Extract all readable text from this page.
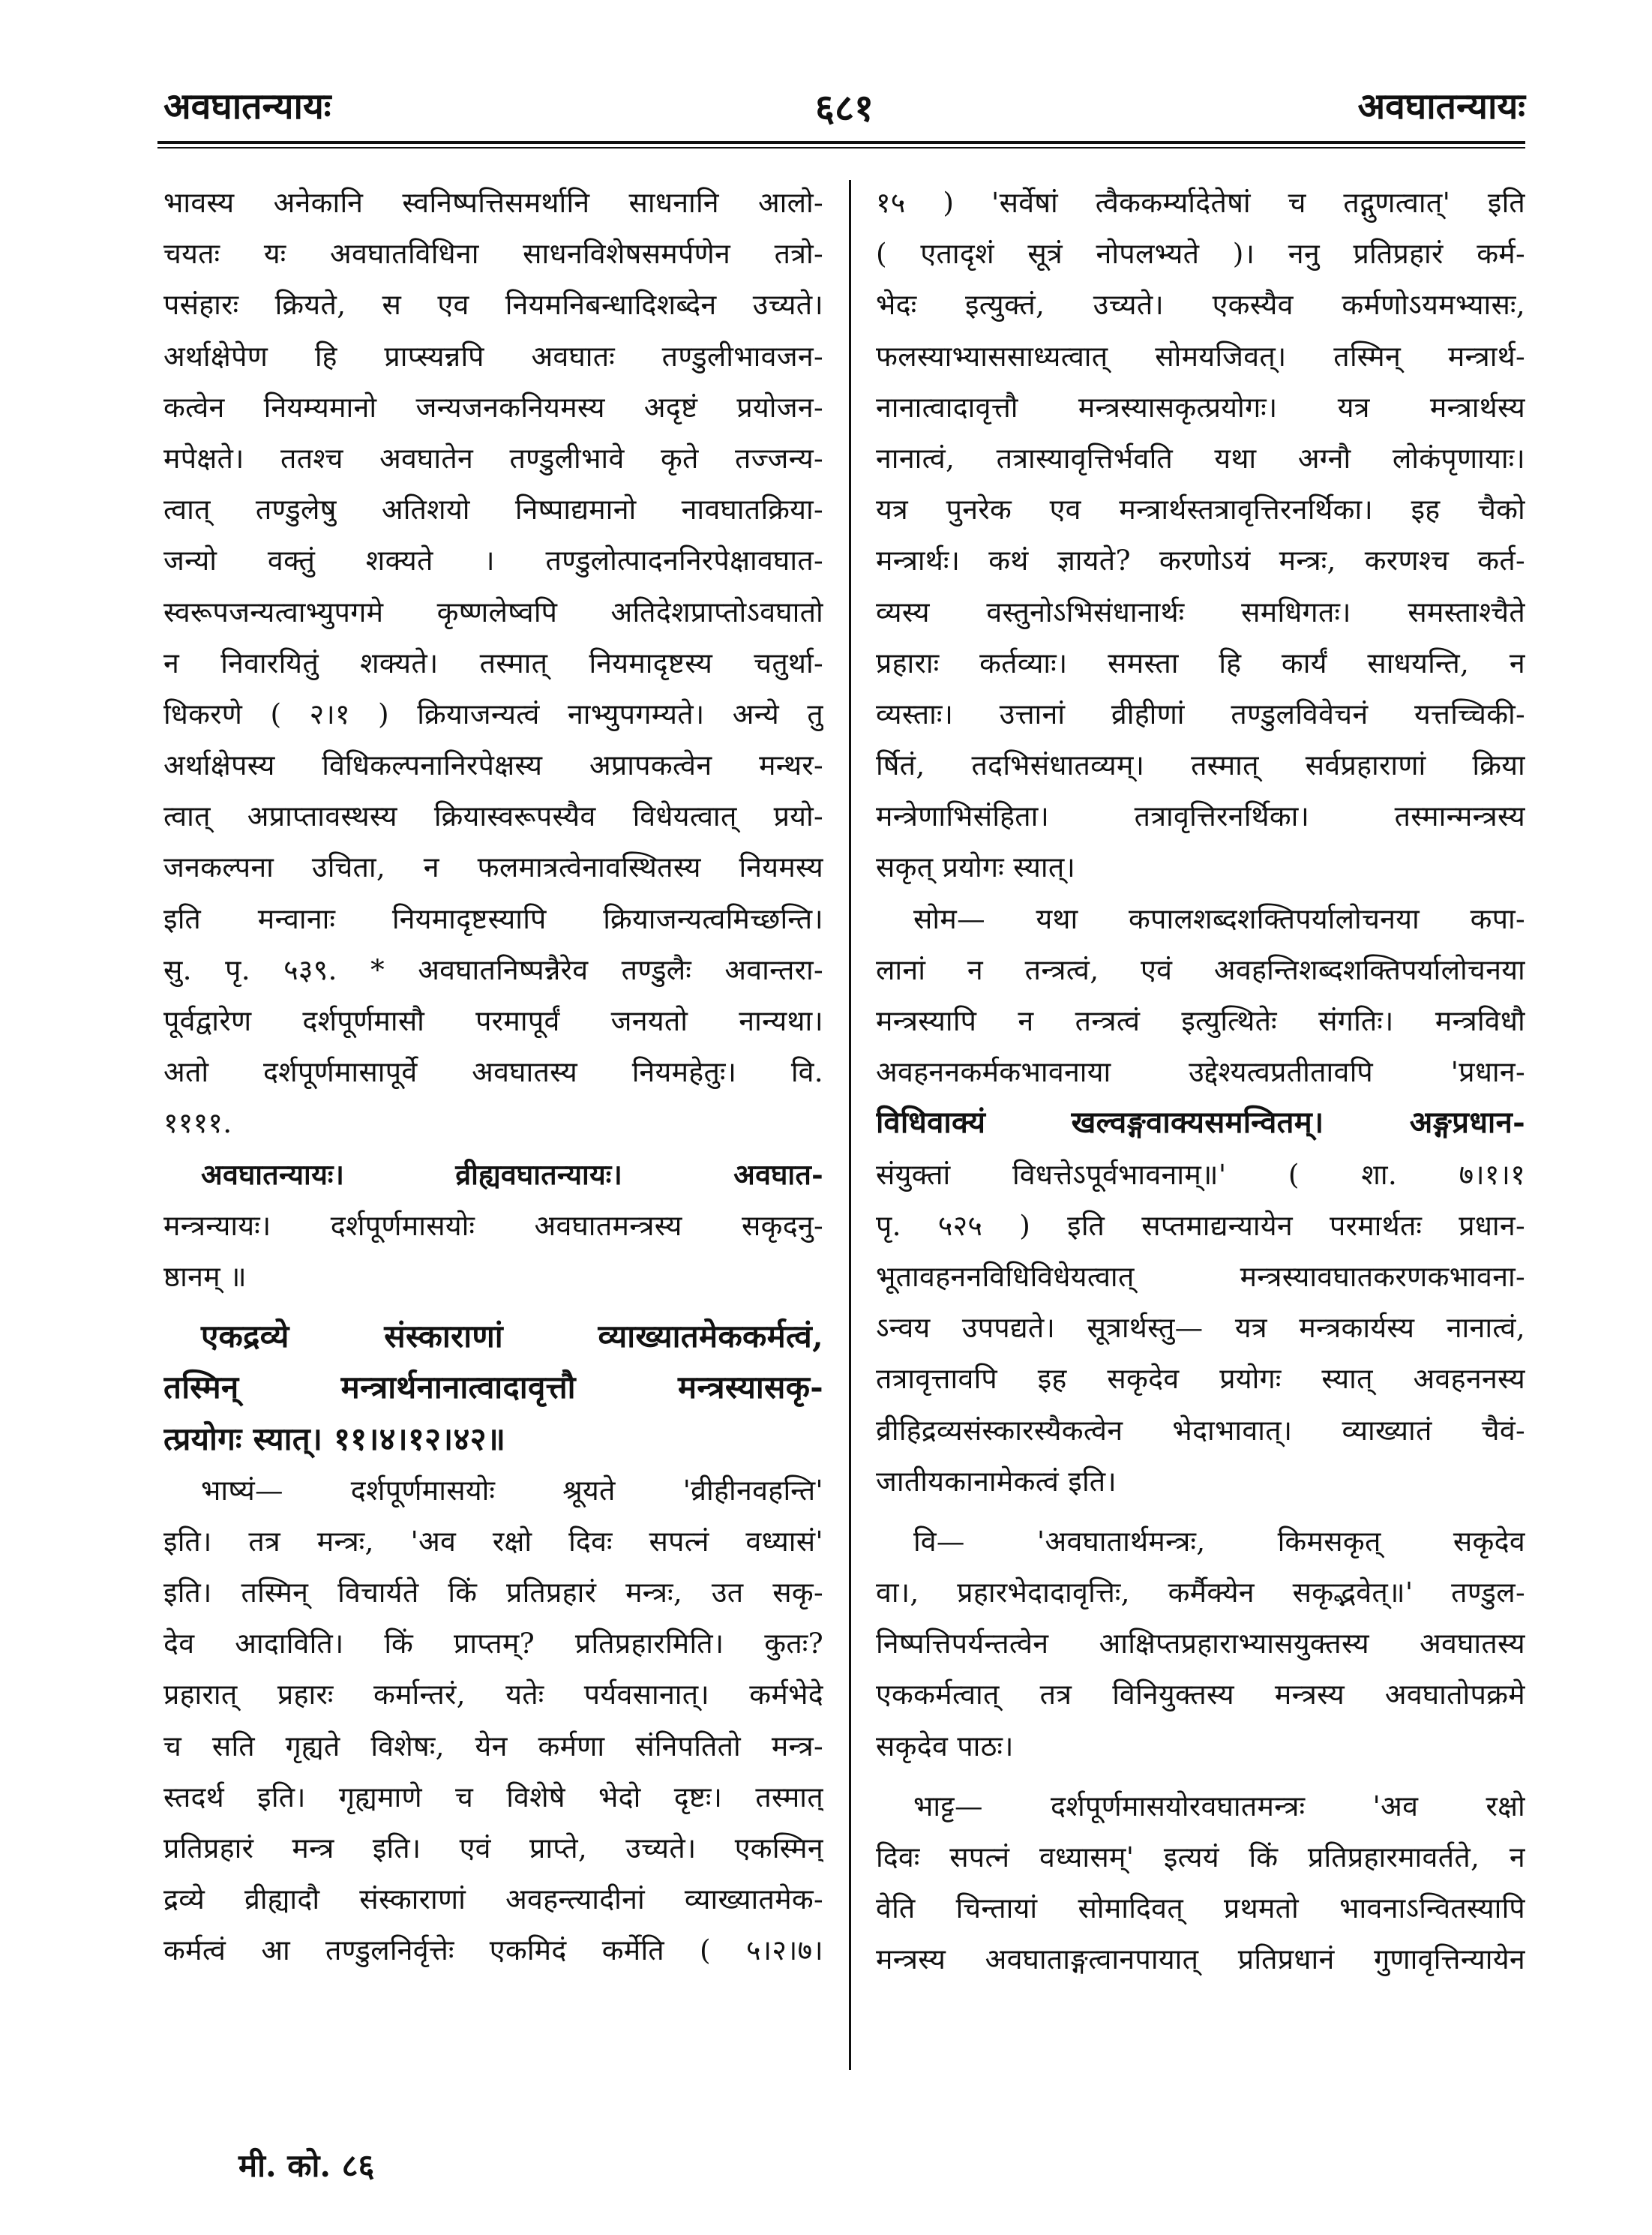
अवघातन्यायः	६८१	अवघातन्यायः
भावस्य अनेकानि स्वनिष्पत्तिसमर्थानि साधनानि आलो-
चयतः यः अवघातविधिना साधनविशेषसमर्पणेन तत्रो-
पसंहारः क्रियते, स एव नियमनिबन्धादिशब्देन उच्यते।
अर्थाक्षेपेण हि प्राप्स्यन्नपि अवघातः तण्डुलीभावजन-
कत्वेन नियम्यमानो जन्यजनकनियमस्य अदृष्टं प्रयोजन-
मपेक्षते। ततश्च अवघातेन तण्डुलीभावे कृते तज्जन्य-
त्वात् तण्डुलेषु अतिशयो निष्पाद्यमानो नावघातक्रिया-
जन्यो वक्तुं शक्यते । तण्डुलोत्पादननिरपेक्षावघात-
स्वरूपजन्यत्वाभ्युपगमे कृष्णलेष्वपि अतिदेशप्राप्तोऽवघातो
न निवारयितुं शक्यते। तस्मात् नियमादृष्टस्य चतुर्था-
धिकरणे ( २।१ ) क्रियाजन्यत्वं नाभ्युपगम्यते। अन्ये तु
अर्थाक्षेपस्य विधिकल्पनानिरपेक्षस्य अप्रापकत्वेन मन्थर-
त्वात् अप्राप्तावस्थस्य क्रियास्वरूपस्यैव विधेयत्वात् प्रयो-
जनकल्पना उचिता, न फलमात्रत्वेनावस्थितस्य नियमस्य
इति मन्वानाः नियमादृष्टस्यापि क्रियाजन्यत्वमिच्छन्ति।
सु. पृ. ५३९. * अवघातनिष्पन्नैरेव तण्डुलैः अवान्तरा-
पूर्वद्वारेण दर्शपूर्णमासौ परमापूर्वं जनयतो नान्यथा।
अतो दर्शपूर्णमासापूर्वे अवघातस्य नियमहेतुः। वि.
११११.
अवघातन्यायः। व्रीह्यवघातन्यायः। अवघात-
मन्त्रन्यायः। दर्शपूर्णमासयोः अवघातमन्त्रस्य सकृदनु-
ष्ठानम् ॥
एकद्रव्ये संस्काराणां व्याख्यातमेककर्मत्वं,
तस्मिन् मन्त्रार्थनानात्वादावृत्तौ मन्त्रस्यासकृ-
त्प्रयोगः स्यात्। ११।४।१२।४२॥
भाष्यं— दर्शपूर्णमासयोः श्रूयते 'व्रीहीनवहन्ति'
इति। तत्र मन्त्रः, 'अव रक्षो दिवः सपत्नं वध्यासं'
इति। तस्मिन् विचार्यते किं प्रतिप्रहारं मन्त्रः, उत सकृ-
देव आदाविति। किं प्राप्तम्? प्रतिप्रहारमिति। कुतः?
प्रहारात् प्रहारः कर्मान्तरं, यतेः पर्यवसानात्। कर्मभेदे
च सति गृह्यते विशेषः, येन कर्मणा संनिपतितो मन्त्र-
स्तदर्थ इति। गृह्यमाणे च विशेषे भेदो दृष्टः। तस्मात्
प्रतिप्रहारं मन्त्र इति। एवं प्राप्ते, उच्यते। एकस्मिन्
द्रव्ये व्रीह्यादौ संस्काराणां अवहन्त्यादीनां व्याख्यातमेक-
कर्मत्वं आ तण्डुलनिर्वृत्तेः एकमिदं कर्मेति ( ५।२।७।
१५ ) 'सर्वेषां त्वैककर्म्यादेतेषां च तद्गुणत्वात्' इति
( एतादृशं सूत्रं नोपलभ्यते )। ननु प्रतिप्रहारं कर्म-
भेदः इत्युक्तं, उच्यते। एकस्यैव कर्मणोऽयमभ्यासः,
फलस्याभ्याससाध्यत्वात् सोमयजिवत्। तस्मिन् मन्त्रार्थ-
नानात्वादावृत्तौ मन्त्रस्यासकृत्प्रयोगः। यत्र मन्त्रार्थस्य
नानात्वं, तत्रास्यावृत्तिर्भवति यथा अग्नौ लोकंपृणायाः।
यत्र पुनरेक एव मन्त्रार्थस्तत्रावृत्तिरनर्थिका। इह चैको
मन्त्रार्थः। कथं ज्ञायते? करणोऽयं मन्त्रः, करणश्च कर्त-
व्यस्य वस्तुनोऽभिसंधानार्थः समधिगतः। समस्ताश्चैते
प्रहाराः कर्तव्याः। समस्ता हि कार्यं साधयन्ति, न
व्यस्ताः। उत्तानां व्रीहीणां तण्डुलविवेचनं यत्तच्चिकी-
र्षितं, तदभिसंधातव्यम्। तस्मात् सर्वप्रहाराणां क्रिया
मन्त्रेणाभिसंहिता। तत्रावृत्तिरनर्थिका। तस्मान्मन्त्रस्य
सकृत् प्रयोगः स्यात्।
सोम— यथा कपालशब्दशक्तिपर्यालोचनया कपा-
लानां न तन्त्रत्वं, एवं अवहन्तिशब्दशक्तिपर्यालोचनया
मन्त्रस्यापि न तन्त्रत्वं इत्युत्थितेः संगतिः। मन्त्रविधौ
अवहननकर्मकभावनाया उद्देश्यत्वप्रतीतावपि 'प्रधान-
विधिवाक्यं खल्वङ्गवाक्यसमन्वितम्। अङ्गप्रधान-
संयुक्तां विधत्तेऽपूर्वभावनाम्॥' ( शा. ७।१।१
पृ. ५२५ ) इति सप्तमाद्यन्यायेन परमार्थतः प्रधान-
भूतावहननविधिविधेयत्वात् मन्त्रस्यावघातकरणकभावना-
ऽन्वय उपपद्यते। सूत्रार्थस्तु— यत्र मन्त्रकार्यस्य नानात्वं,
तत्रावृत्तावपि इह सकृदेव प्रयोगः स्यात् अवहननस्य
व्रीहिद्रव्यसंस्कारस्यैकत्वेन भेदाभावात्। व्याख्यातं चैवं-
जातीयकानामेकत्वं इति।
वि— 'अवघातार्थमन्त्रः, किमसकृत् सकृदेव
वा।, प्रहारभेदादावृत्तिः, कर्मैक्येन सकृद्भवेत्॥' तण्डुल-
निष्पत्तिपर्यन्तत्वेन आक्षिप्तप्रहाराभ्यासयुक्तस्य अवघातस्य
एककर्मत्वात् तत्र विनियुक्तस्य मन्त्रस्य अवघातोपक्रमे
सकृदेव पाठः।
भाट्ट— दर्शपूर्णमासयोरवघातमन्त्रः 'अव रक्षो
दिवः सपत्नं वध्यासम्' इत्ययं किं प्रतिप्रहारमावर्तते, न
वेति चिन्तायां सोमादिवत् प्रथमतो भावनाऽन्वितस्यापि
मन्त्रस्य अवघाताङ्गत्वानपायात् प्रतिप्रधानं गुणावृत्तिन्यायेन
मी. को. ८६
